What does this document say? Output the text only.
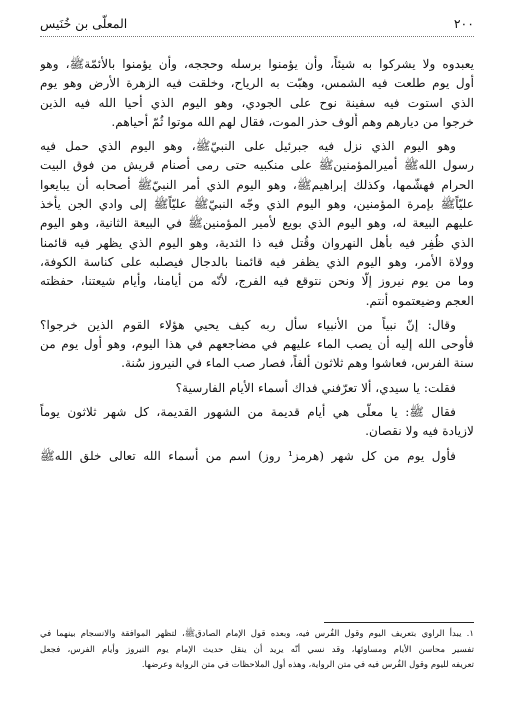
٢٠٠
المعلّى بن خُنَيس
يعبدوه ولا يشركوا به شيئاً، وأن يؤمنوا برسله وحججه، وأن يؤمنوا بالأئمّةﷺ، وهو
أول يوم طلعت فيه الشمس، وهبّت به الرياح، وخلقت فيه الزهرة الأرض وهو يوم
الذي استوت فيه سفينة نوح على الجودي، وهو اليوم الذي أحيا الله فيه الذين
خرجوا من ديارهم وهم أُلوف حذر الموت، فقال لهم الله موتوا ثُمّ أحياهم.
وهو اليوم الذي نزل فيه جبرئيل على النبيّﷺ، وهو اليوم الذي حمل فيه
رسول اللهﷺ أميرالمؤمنينﷺ على منكبيه حتى رمى أصنام قريش من فوق البيت
الحرام فهشّمها، وكذلك إبراهيمﷺ، وهو اليوم الذي أمر النبيّﷺ أصحابه أن يبايعوا
عليّاًﷺ بإمرة المؤمنين، وهو اليوم الذي وجّه النبيّﷺ عليّاًﷺ إلى وادي الجن يأخذ
عليهم البيعة له، وهو اليوم الذي بويع لأمير المؤمنينﷺ في البيعة الثانية، وهو اليوم
الذي ظُفِر فيه بأهل النهروان وقُتل فيه ذا الثدية، وهو اليوم الذي يظهر فيه قائمنا
وولاة الأمر، وهو اليوم الذي يظفر فيه قائمنا بالدجال فيصلبه على كناسة الكوفة،
وما من يوم نيروز إلّا ونحن نتوقع فيه الفرج، لأنّه من أيامنا، وأيام شيعتنا، حفظته
العجم وضيعتموه أنتم.
وقال: إنّ نبياً من الأنبياء سأل ربه كيف يحيي هؤلاء القوم الذين خرجوا؟
فأوحى الله إليه أن يصب الماء عليهم في مضاجعهم في هذا اليوم، وهو أول يوم من
سنة الفرس، فعاشوا وهم ثلاثون ألفاً، فصار صب الماء في النيروز سُنة.
فقلت: يا سيدي، ألا تعرّفني فداك أسماء الأيام الفارسية؟
فقال ﷺ: يا معلّى هي أيام قديمة من الشهور القديمة، كل شهر ثلاثون يوماً
لازيادة فيه ولا نقصان.
فأول يوم من كل شهر (هرمز¹ روز) اسم من أسماء الله تعالى خلق اللهﷺ
١. يبدأ الراوي بتعريف اليوم وقول الفُرس فيه، وبعده قول الإمام الصادقﷺ، لتظهر الموافقة والانسجام بينهما في
تفسير محاسن الأيام ومساوئها، وقد نسي أنّه يريد أن ينقل حديث الإمام يوم النيروز وأيام الفرس، فجعل
تعريفه لليوم وقول الفُرس فيه في متن الرواية، وهذه أول الملاحظات في متن الرواية وعرضها.
